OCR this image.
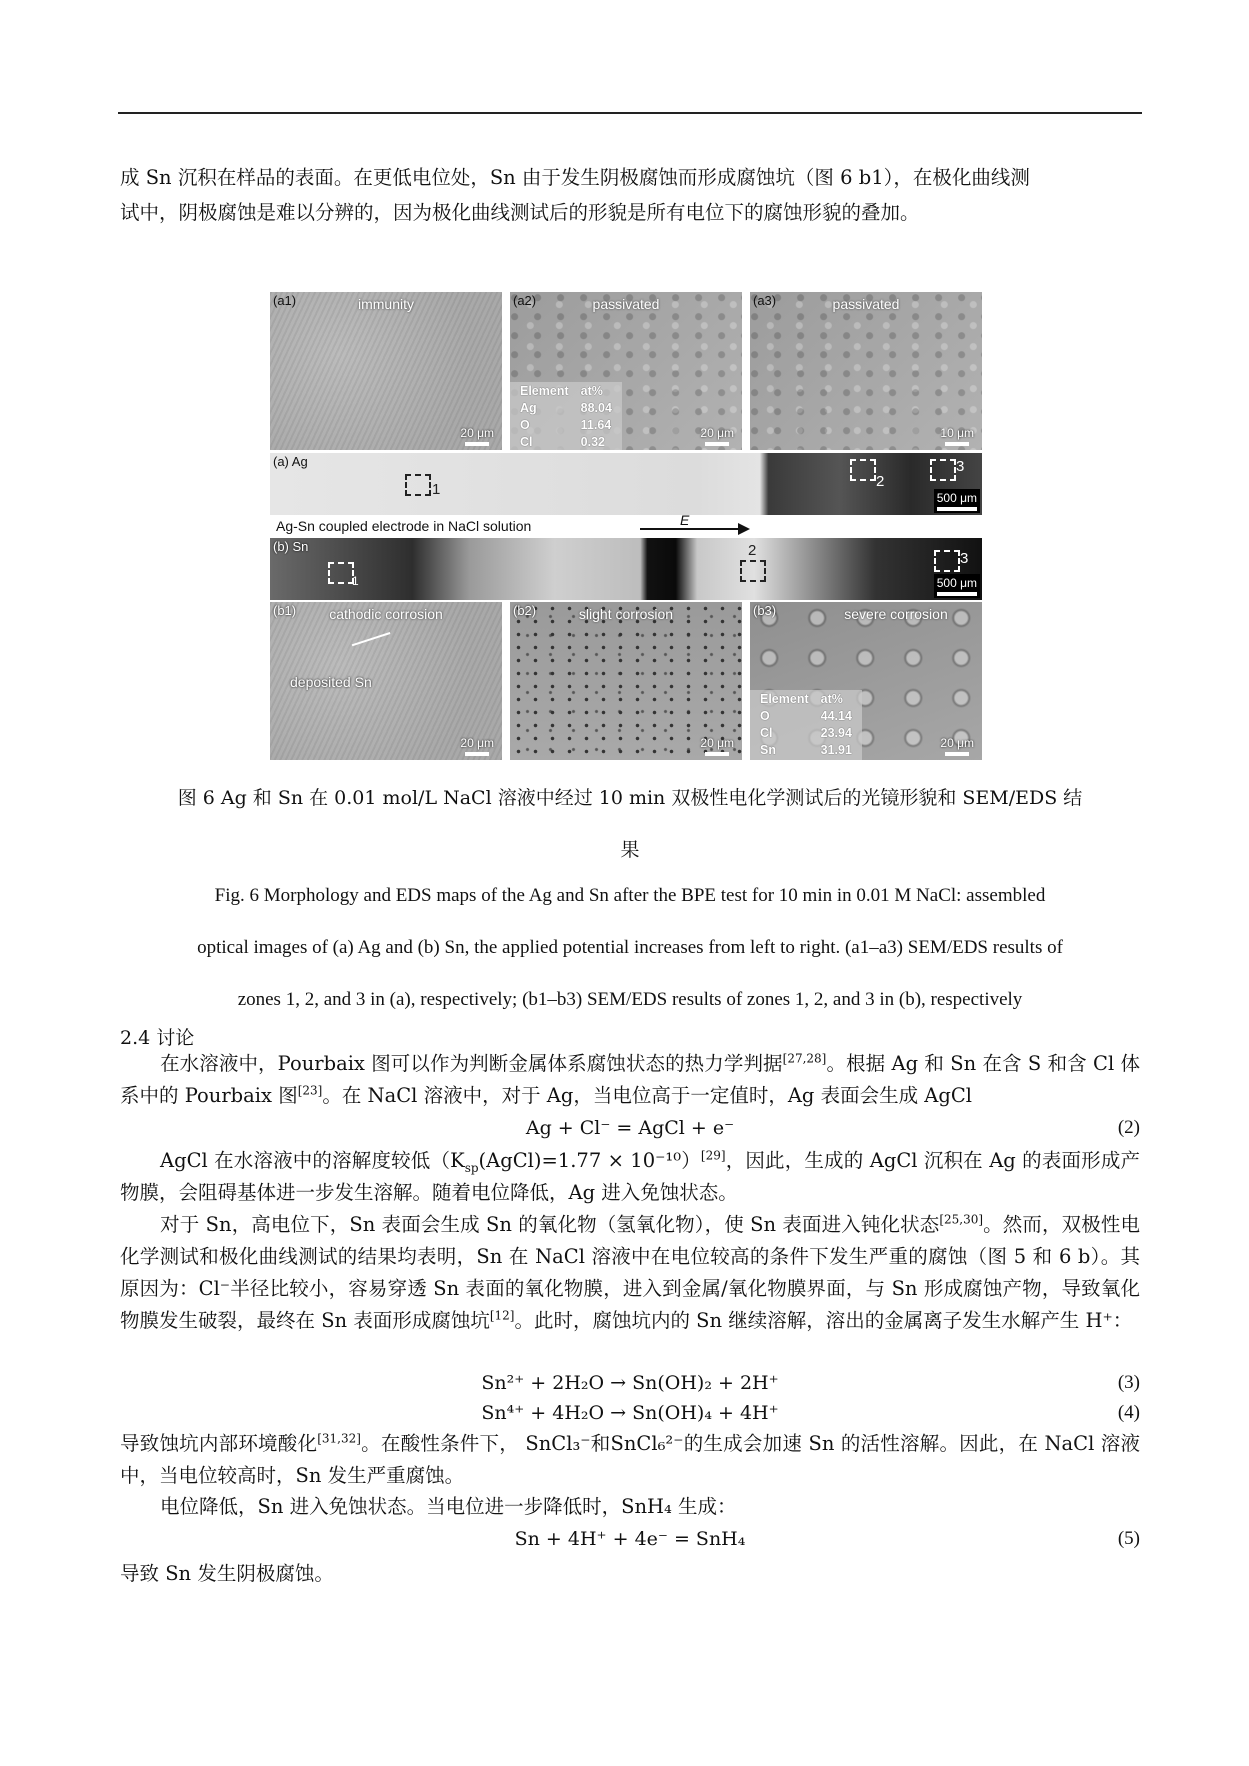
成 Sn 沉积在样品的表面。在更低电位处，Sn 由于发生阴极腐蚀而形成腐蚀坑（图 6 b1），在极化曲线测
试中，阴极腐蚀是难以分辨的，因为极化曲线测试后的形貌是所有电位下的腐蚀形貌的叠加。
(a1)	immunity
20 μm
(a2)	passivated
Element	at%
Ag	88.04
O	11.64
Cl	0.32
20 μm
(a3)	passivated
10 μm
(a) Ag
1	2
3
500 μm
Ag-Sn coupled electrode in NaCl solution	E
(b) Sn
1
2	3
500 μm
(b1)	cathodic corrosion
deposited Sn
20 μm
(b2)	slight corrosion
20 μm
(b3)	severe corrosion
Element	at%
O	44.14
Cl	23.94
Sn	31.91	20 μm
图 6 Ag 和 Sn 在 0.01 mol/L NaCl 溶液中经过 10 min 双极性电化学测试后的光镜形貌和 SEM/EDS 结
果
Fig. 6 Morphology and EDS maps of the Ag and Sn after the BPE test for 10 min in 0.01 M NaCl: assembled
optical images of (a) Ag and (b) Sn, the applied potential increases from left to right. (a1–a3) SEM/EDS results of
zones 1, 2, and 3 in (a), respectively; (b1–b3) SEM/EDS results of zones 1, 2, and 3 in (b), respectively
2.4 讨论
在水溶液中，Pourbaix 图可以作为判断金属体系腐蚀状态的热力学判据[27,28]。根据 Ag 和 Sn 在含 S 和含 Cl 体系中的 Pourbaix 图[23]。在 NaCl 溶液中，对于 Ag，当电位高于一定值时，Ag 表面会生成 AgCl
Ag + Cl⁻ = AgCl + e⁻	(2)
AgCl 在水溶液中的溶解度较低$(K_{sp}(AgCl)=1.77 \times 10^{-10})[29]$，因此，生成的 AgCl 沉积在 Ag 的表面形成产物膜，会阻碍基体进一步发生溶解。随着电位降低，Ag 进入免蚀状态。
对于 Sn，高电位下，Sn 表面会生成 Sn 的氧化物（氢氧化物），使 Sn 表面进入钝化状态[25,30]。然而，双极性电化学测试和极化曲线测试的结果均表明，Sn 在 NaCl 溶液中在电位较高的条件下发生严重的腐蚀（图 5 和 6 b）。其原因为：Cl⁻半径比较小，容易穿透 Sn 表面的氧化物膜，进入到金属/氧化物膜界面，与 Sn 形成腐蚀产物，导致氧化物膜发生破裂，最终在 Sn 表面形成腐蚀坑[12]。此时，腐蚀坑内的 Sn 继续溶解，溶出的金属离子发生水解产生 H⁺：
Sn²⁺ + 2H₂O → Sn(OH)₂ + 2H⁺	(3)
Sn⁴⁺ + 4H₂O → Sn(OH)₄ + 4H⁺	(4)
导致蚀坑内部环境酸化[31,32]。在酸性条件下， SnCl₃⁻和SnCl₆²⁻的生成会加速 Sn 的活性溶解。因此，在 NaCl 溶液中，当电位较高时，Sn 发生严重腐蚀。
电位降低，Sn 进入免蚀状态。当电位进一步降低时，SnH₄ 生成：
Sn + 4H⁺ + 4e⁻ = SnH₄	(5)
导致 Sn 发生阴极腐蚀。
